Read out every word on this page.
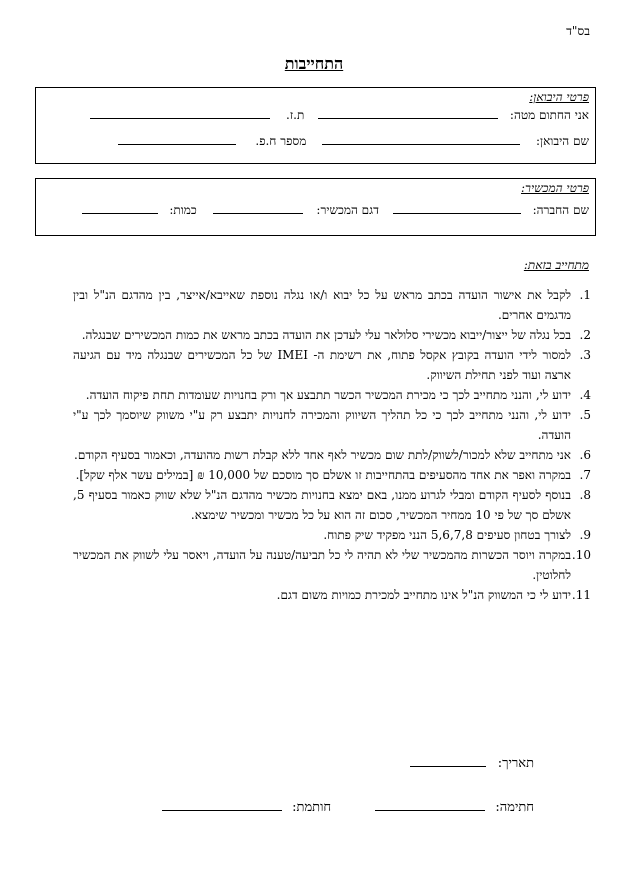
בס"ד
התחייבות
פרטי היבואן:
אני החתום מטה:  ת.ז.
שם היבואן:  מספר ח.פ.
פרטי המכשיר:
שם החברה:  דגם המכשיר:  כמות:
מתחייב בזאת:
1.
לקבל את אישור הועדה בכתב מראש על כל יבוא ו/או נגלה נוספת שאייבא/אייצר, בין מהדגם הנ"ל ובין מדגמים אחרים.
2.
בכל נגלה של ייצור/ייבוא מכשירי סלולאר עלי לעדכן את הועדה בכתב מראש את כמות המכשירים שבנגלה.
3.
למסור לידי הועדה בקובץ אקסל פתוח, את רשימת ה- IMEI של כל המכשירים שבנגלה מיד עם הגיעה ארצה ועוד לפני תחילת השיווק.
4.
ידוע לי, והנני מתחייב לכך כי מכירת המכשיר הכשר תתבצע אך ורק בחנויות שעומדות תחת פיקוח הועדה.
5.
ידוע לי, והנני מתחייב לכך כי כל תהליך השיווק והמכירה לחנויות יתבצע רק ע"י משווק שיוסמך לכך ע"י הועדה.
6.
אני מתחייב שלא למכור/לשווק/לתת שום מכשיר לאף אחד ללא קבלת רשות מהועדה, וכאמור בסעיף הקודם.
7.
במקרה ואפר את אחד מהסעיפים בהתחייבות זו אשלם סך מוסכם של 10,000 ₪ [במילים עשר אלף שקל].
8.
בנוסף לסעיף הקודם ומבלי לגרוע ממנו, באם ימצא בחנויות מכשיר מהדגם הנ"ל שלא שווק כאמור בסעיף 5, אשלם סך של פי 10 ממחיר המכשיר, סכום זה הוא על כל מכשיר ומכשיר שימצא.
9.
לצורך בטחון סעיפים 5,6,7,8 הנני מפקיד שיק פתוח.
10.
במקרה ויוסר הכשרות מהמכשיר שלי לא תהיה לי כל תביעה/טענה על הועדה, ויאסר עלי לשווק את המכשיר לחלוטין.
11.
ידוע לי כי המשווק הנ"ל אינו מתחייב למכירת כמויות משום דגם.
תאריך:
חתימה:  חותמת:
